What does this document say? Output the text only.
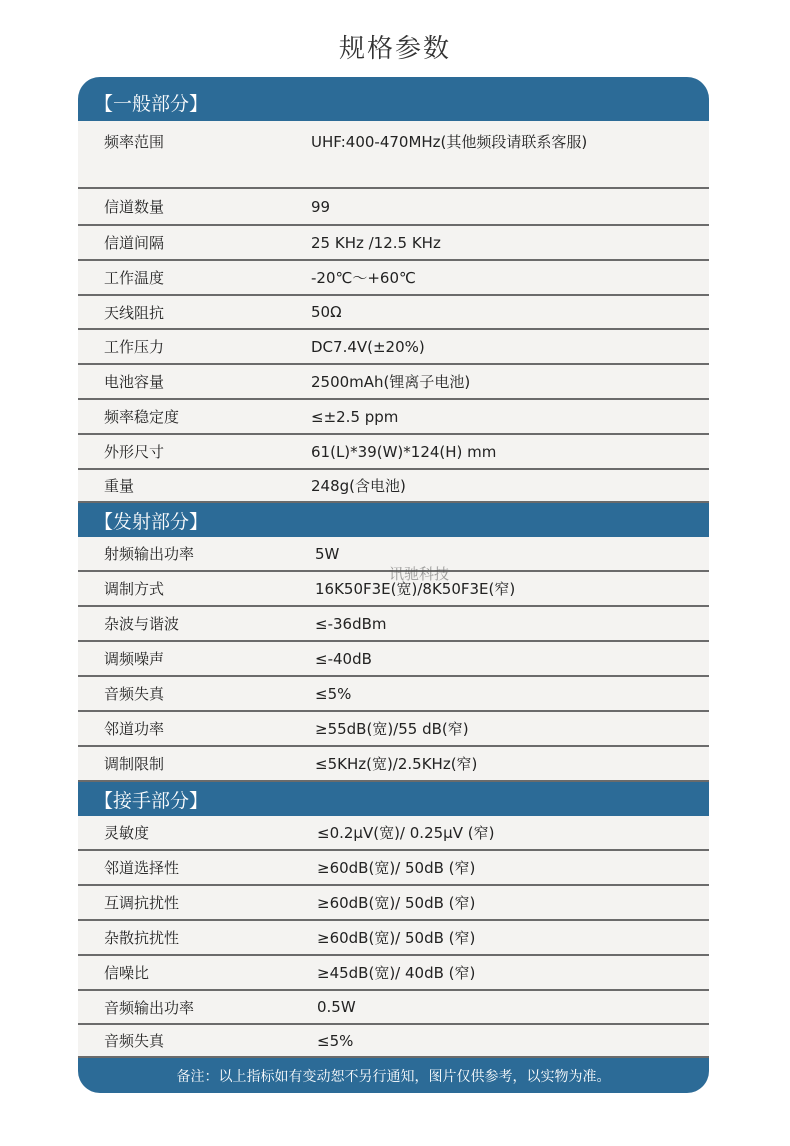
规格参数
备注：以上指标如有变动恕不另行通知，图片仅供参考，以实物为准。
【一般部分】
频率范围	UHF:400-470MHz(其他频段请联系客服)
信道数量	99
信道间隔	25 KHz /12.5 KHz
工作温度	-20℃～+60℃
天线阻抗	50Ω
工作压力	DC7.4V(±20%)
电池容量	2500mAh(锂离子电池)
频率稳定度	≤±2.5 ppm
外形尺寸	61(L)*39(W)*124(H) mm
重量	248g(含电池)
【发射部分】
射频输出功率	5W
调制方式	16K50F3E(宽)/8K50F3E(窄)
杂波与谐波	≤-36dBm
调频噪声	≤-40dB
音频失真	≤5%
邻道功率	≥55dB(宽)/55 dB(窄)
调制限制	≤5KHz(宽)/2.5KHz(窄)
【接手部分】
灵敏度	≤0.2μV(宽)/ 0.25μV (窄)
邻道选择性	≥60dB(宽)/ 50dB (窄)
互调抗扰性	≥60dB(宽)/ 50dB (窄)
杂散抗扰性	≥60dB(宽)/ 50dB (窄)
信噪比	≥45dB(宽)/ 40dB (窄)
音频输出功率	0.5W
音频失真	≤5%
讯驰科技
